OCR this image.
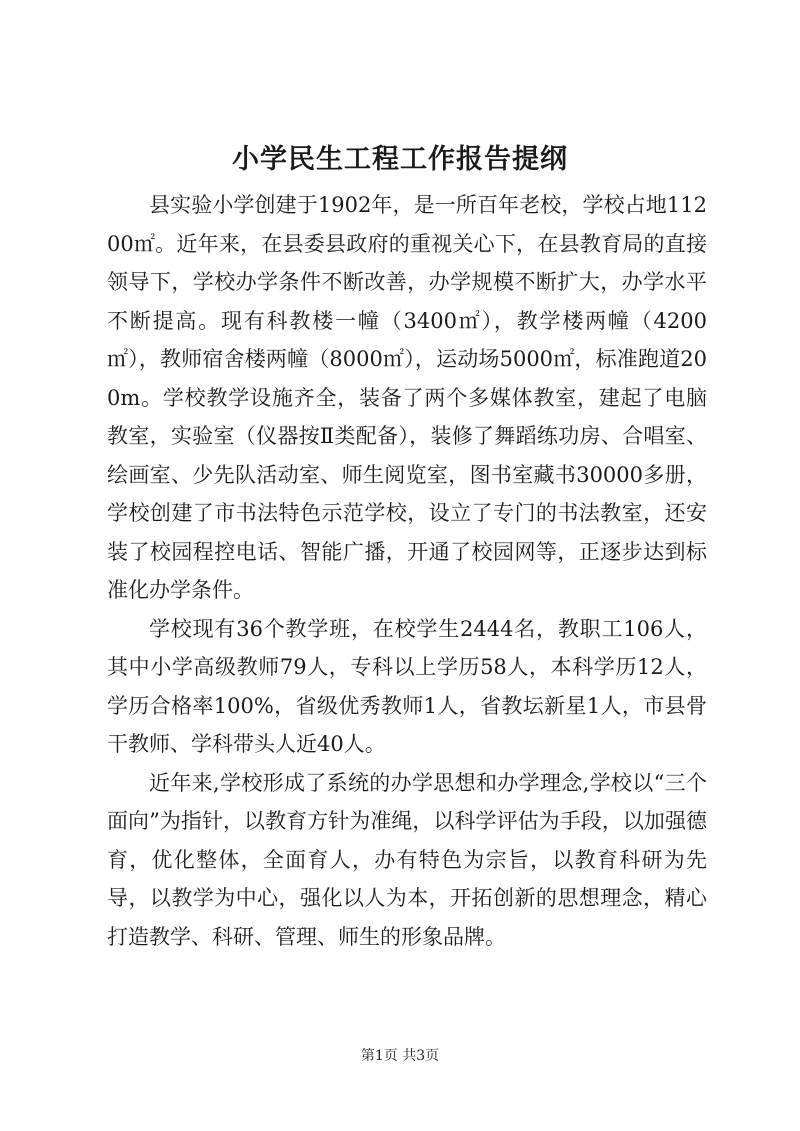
小学民生工程工作报告提纲

县实验小学创建于1902年，是一所百年老校，学校占地11200㎡。近年来，在县委县政府的重视关心下，在县教育局的直接领导下，学校办学条件不断改善，办学规模不断扩大，办学水平不断提高。现有科教楼一幢（3400㎡），教学楼两幢（4200㎡），教师宿舍楼两幢（8000㎡），运动场5000㎡，标准跑道200m。学校教学设施齐全，装备了两个多媒体教室，建起了电脑教室，实验室（仪器按Ⅱ类配备），装修了舞蹈练功房、合唱室、绘画室、少先队活动室、师生阅览室，图书室藏书30000多册，学校创建了市书法特色示范学校，设立了专门的书法教室，还安装了校园程控电话、智能广播，开通了校园网等，正逐步达到标准化办学条件。

学校现有36个教学班，在校学生2444名，教职工106人，其中小学高级教师79人，专科以上学历58人，本科学历12人，学历合格率100%，省级优秀教师1人，省教坛新星1人，市县骨干教师、学科带头人近40人。

近年来,学校形成了系统的办学思想和办学理念,学校以“三个面向”为指针，以教育方针为准绳，以科学评估为手段，以加强德育，优化整体，全面育人，办有特色为宗旨，以教育科研为先导，以教学为中心，强化以人为本，开拓创新的思想理念，精心打造教学、科研、管理、师生的形象品牌。

第1页 共3页
